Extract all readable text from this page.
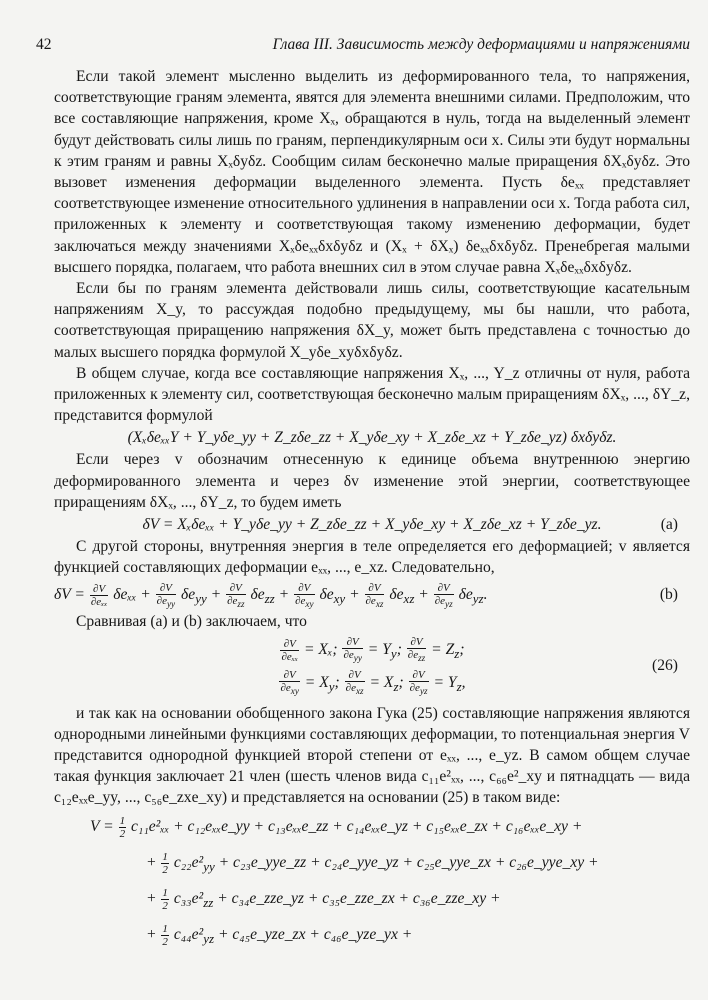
42	Глава III. Зависимость между деформациями и напряжениями

Если такой элемент мысленно выделить из деформированного тела, то напряжения, соответствующие граням элемента, явятся для элемента внешними силами. Предположим, что все составляющие напряжения, кроме Xₓ, обращаются в нуль, тогда на выделенный элемент будут действовать силы лишь по граням, перпендикулярным оси x. Силы эти будут нормальны к этим граням и равны Xₓδyδz. Сообщим силам бесконечно малые приращения δXₓδyδz. Это вызовет изменения деформации выделенного элемента. Пусть δeₓₓ представляет соответствующее изменение относительного удлинения в направлении оси x. Тогда работа сил, приложенных к элементу и соответствующая такому изменению деформации, будет заключаться между значениями Xₓδeₓₓδxδyδz и (Xₓ + δXₓ) δeₓₓδxδyδz. Пренебрегая малыми высшего порядка, полагаем, что работа внешних сил в этом случае равна Xₓδeₓₓδxδyδz.

Если бы по граням элемента действовали лишь силы, соответствующие касательным напряжениям X_y, то рассуждая подобно предыдущему, мы бы нашли, что работа, соответствующая приращению напряжения δX_y, может быть представлена с точностью до малых высшего порядка формулой X_yδe_xyδxδyδz.

В общем случае, когда все составляющие напряжения Xₓ, ..., Y_z отличны от нуля, работа приложенных к элементу сил, соответствующая бесконечно малым приращениям δXₓ, ..., δY_z, представится формулой

(XₓδeₓₓY + Y_yδe_yy + Z_zδe_zz + X_yδe_xy + X_zδe_xz + Y_zδe_yz) δxδyδz.

Если через v обозначим отнесенную к единице объема внутреннюю энергию деформированного элемента и через δv изменение этой энергии, соответствующее приращениям δXₓ, ..., δY_z, то будем иметь

δV = Xₓδeₓₓ + Y_yδe_yy + Z_zδe_zz + X_yδe_xy + X_zδe_xz + Y_zδe_yz.	(a)

С другой стороны, внутренняя энергия в теле определяется его деформацией; v является функцией составляющих деформации eₓₓ, ..., e_xz. Следовательно,

$\delta V = \frac{\partial V}{\text{∂eₓₓ}}$ $\delta e_{xx} + \frac{\partial V}{\partial e_{yy}} \delta e_{yy} + \frac{\partial V}{\partial e_{zz}} \delta e_{zz} + \frac{\partial V}{\partial e_{xy}} \delta e_{xy} + \frac{\partial V}{\partial e_{xz}} \delta e_{xz} + \frac{\partial V}{\partial e_{yz}} \delta e_{yz}$.	(b)

Сравнивая (a) и (b) заключаем, что

$\frac{\partial V}{\text{∂eₓₓ}} = X_x$; $\frac{\partial V}{\partial e_{yy}} = Y_y$; $\frac{\partial V}{\partial e_{zz}} = Z_z$;
$\frac{\partial V}{\partial e_{xy}} = X_y$; $\frac{\partial V}{\partial e_{xz}} = X_z$; $\frac{\partial V}{\partial e_{yz}} = Y_z$,
(26)

и так как на основании обобщенного закона Гука (25) составляющие напряжения являются однородными линейными функциями составляющих деформации, то потенциальная энергия V представится однородной функцией второй степени от eₓₓ, ..., e_yz. В самом общем случае такая функция заключает 21 член (шесть членов вида c₁₁e²ₓₓ, ..., c₆₆e²_xy и пятнадцать — вида c₁₂eₓₓe_yy, ..., c₅₆e_zxe_xy) и представляется на основании (25) в таком виде:

$V = \frac{1}{2} c_{11}e^2_{xx}$ + c₁₂eₓₓe_yy + c₁₃eₓₓe_zz + c₁₄eₓₓe_yz + c₁₅eₓₓe_zx + c₁₆eₓₓe_xy +
+ $\frac{1}{2} c_{22}e^2_{yy}$ + c₂₃e_yye_zz + c₂₄e_yye_yz + c₂₅e_yye_zx + c₂₆e_yye_xy +
+ $\frac{1}{2} c_{33}e^2_{zz}$ + c₃₄e_zze_yz + c₃₅e_zze_zx + c₃₆e_zze_xy +
+ $\frac{1}{2} c_{44}e^2_{yz}$ + c₄₅e_yze_zx + c₄₆e_yze_yx +
